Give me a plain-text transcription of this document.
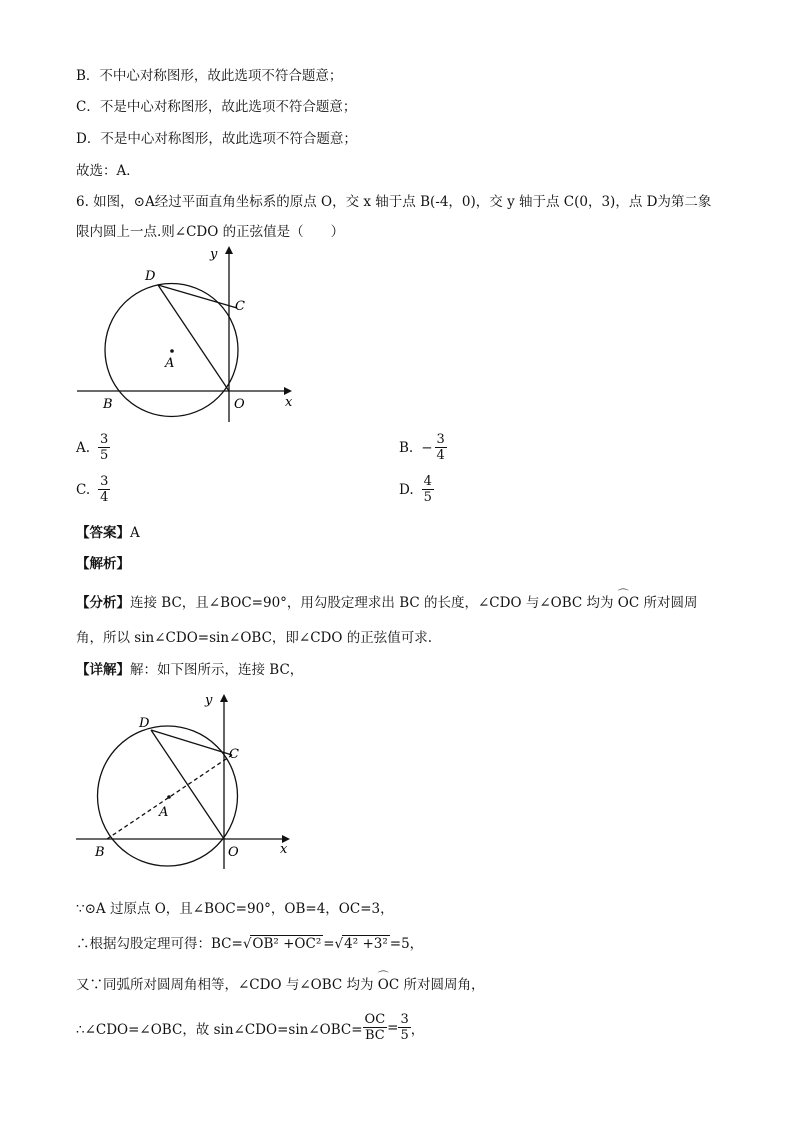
B．不中心对称图形，故此选项不符合题意；
C．不是中心对称图形，故此选项不符合题意；
D．不是中心对称图形，故此选项不符合题意；
故选：A．
6. 如图，⊙A经过平面直角坐标系的原点 O，交 x 轴于点 B(-4，0)，交 y 轴于点 C(0，3)，点 D为第二象
限内圆上一点.则∠CDO 的正弦值是（　　）
y
x
D
C
A
B	O
A. $\frac{3}{5}$	B. − $\frac{3}{4}$
C. $\frac{3}{4}$	D. $\frac{4}{5}$
【答案】A
【解析】
【分析】连接 BC，且∠BOC=90°，用勾股定理求出 BC 的长度，∠CDO 与∠OBC 均为 ⌒ OC 所对圆周
角，所以 sin∠CDO=sin∠OBC，即∠CDO 的正弦值可求.
【详解】解：如下图所示，连接 BC，
y
x
D
C
A
B	O
∵⊙A 过原点 O，且∠BOC=90°，OB=4，OC=3，
∴根据勾股定理可得：BC=√OB² +OC² =√4² +3² =5，
又∵同弧所对圆周角相等，∠CDO 与∠OBC 均为 ⌒ OC 所对圆周角，
∴∠CDO=∠OBC，故 sin∠CDO=sin∠OBC= $\frac{OC}{BC} = \frac{3}{5}$ ，
